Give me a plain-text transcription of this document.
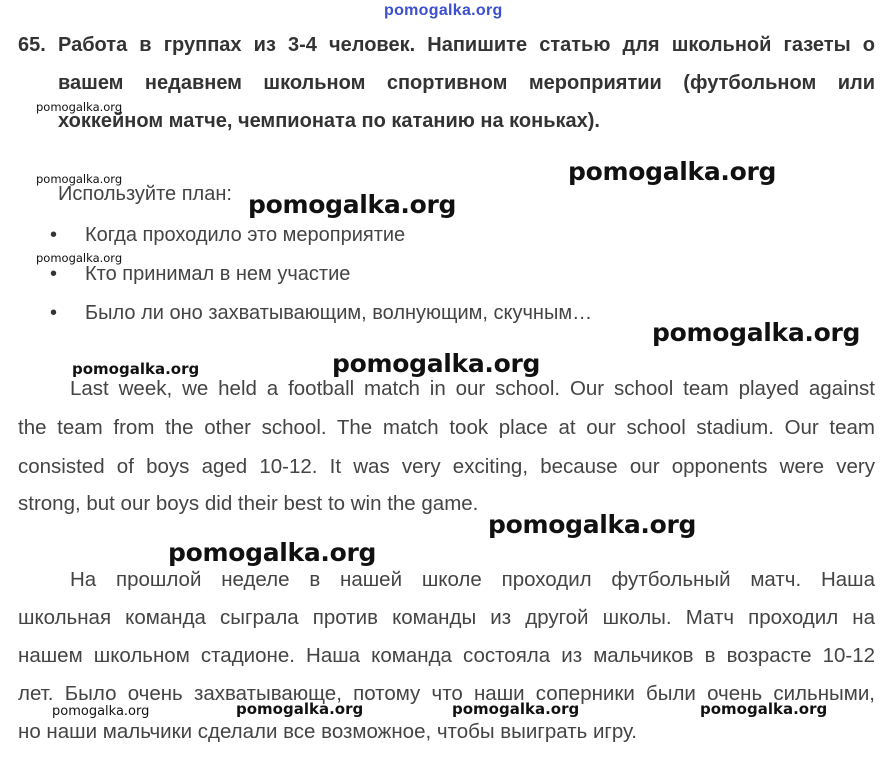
pomogalka.org
65. Работа в группах из 3-4 человек. Напишите статью для школьной газеты о
вашем недавнем школьном спортивном мероприятии (футбольном или
хоккейном матче, чемпионата по катанию на коньках).
Используйте план:
• Когда проходило это мероприятие
• Кто принимал в нем участие
• Было ли оно захватывающим, волнующим, скучным…
Last week, we held a football match in our school. Our school team played against
the team from the other school. The match took place at our school stadium. Our team
consisted of boys aged 10-12. It was very exciting, because our opponents were very
strong, but our boys did their best to win the game.
На прошлой неделе в нашей школе проходил футбольный матч. Наша
школьная команда сыграла против команды из другой школы. Матч проходил на
нашем школьном стадионе. Наша команда состояла из мальчиков в возрасте 10-12
лет. Было очень захватывающе, потому что наши соперники были очень сильными,
но наши мальчики сделали все возможное, чтобы выиграть игру.
pomogalka.org
pomogalka.org
pomogalka.org
pomogalka.org
pomogalka.org
pomogalka.org
pomogalka.org	pomogalka.org
pomogalka.org
pomogalka.org
pomogalka.org	pomogalka.org	pomogalka.org	pomogalka.org
